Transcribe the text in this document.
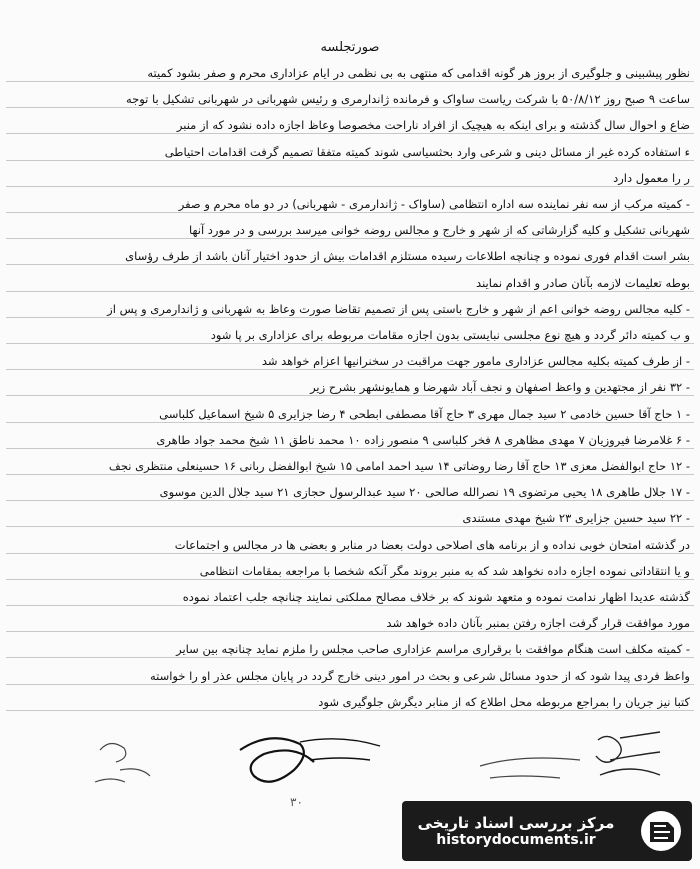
صورتجلسه
نظور پیشبینی و جلوگیری از بروز هر گونه اقدامی که منتهی به بی نظمی در ایام عزاداری محرم و صفر بشود کمیته
ساعت ۹ صبح روز ۵۰/۸/۱۲ با شرکت ریاست ساواک و فرمانده ژاندارمری و رئیس شهربانی در شهربانی تشکیل با توجه
ضاع و احوال سال گذشته و برای اینکه به هیچیک از افراد ناراحت مخصوصا وعاظ اجازه داده نشود که از منبر
ء استفاده کرده غیر از مسائل دینی و شرعی وارد بحثسیاسی شوند کمیته متفقا تصمیم گرفت اقدامات احتیاطی
ر را معمول دارد
- کمیته مرکب از سه نفر نماینده سه اداره انتظامی (ساواک - ژاندارمری - شهربانی) در دو ماه محرم و صفر
شهربانی تشکیل و کلیه گزارشاتی که از شهر و خارج و مجالس روضه خوانی میرسد بررسی و در مورد آنها
بشر است اقدام فوری نموده و چنانچه اطلاعات رسیده مستلزم اقدامات بیش از حدود اختیار آنان باشد از طرف رؤسای
بوطه تعلیمات لازمه بآنان صادر و اقدام نمایند
- کلیه مجالس روضه خوانی اعم از شهر و خارج باستی پس از تصمیم تقاضا صورت وعاظ به شهربانی و ژاندارمری و پس از
و ب کمیته دائر گردد و هیچ نوع مجلسی نبایستی بدون اجازه مقامات مربوطه برای عزاداری بر پا شود
- از طرف کمیته بکلیه مجالس عزاداری مامور جهت مراقبت در سخنرانیها اعزام خواهد شد
- ۳۲ نفر از مجتهدین و واعظ اصفهان و نجف آباد شهرضا و همایونشهر بشرح زیر
- ۱ حاج آقا حسین خادمی ۲ سید جمال مهری ۳ حاج آقا مصطفی ابطحی ۴ رضا جزایری ۵ شیخ اسماعیل کلباسی
- ۶ غلامرضا فیروزیان ۷ مهدی مظاهری ۸ فخر کلباسی ۹ منصور زاده ۱۰ محمد ناطق ۱۱ شیخ محمد جواد طاهری
- ۱۲ حاج ابوالفضل معزی ۱۳ حاج آقا رضا روضاتی ۱۴ سید احمد امامی ۱۵ شیخ ابوالفضل ربانی ۱۶ حسینعلی منتظری نجف
- ۱۷ جلال طاهری ۱۸ یحیی مرتضوی ۱۹ نصرالله صالحی ۲۰ سید عبدالرسول حجازی ۲۱ سید جلال الدین موسوی
- ۲۲ سید حسین جزایری ۲۳ شیخ مهدی مستندی
در گذشته امتحان خوبی نداده و از برنامه های اصلاحی دولت بعضا در منابر و بعضی ها در مجالس و اجتماعات
و یا انتقاداتی نموده اجازه داده نخواهد شد که به منبر بروند مگر آنکه شخصا با مراجعه بمقامات انتظامی
گذشته عدیدا اظهار ندامت نموده و متعهد شوند که بر خلاف مصالح مملکتی نمایند چنانچه جلب اعتماد نموده
مورد موافقت قرار گرفت اجازه رفتن بمنبر بآنان داده خواهد شد
- کمیته مکلف است هنگام موافقت با برقراری مراسم عزاداری صاحب مجلس را ملزم نماید چنانچه بین سایر
واعظ فردی پیدا شود که از حدود مسائل شرعی و بحث در امور دینی خارج گردد در پایان مجلس عذر او را خواسته
کتبا نیز جریان را بمراجع مربوطه محل اطلاع که از منابر دیگرش جلوگیری شود
۳۰
مرکز بررسی اسناد تاریخی
historydocuments.ir
